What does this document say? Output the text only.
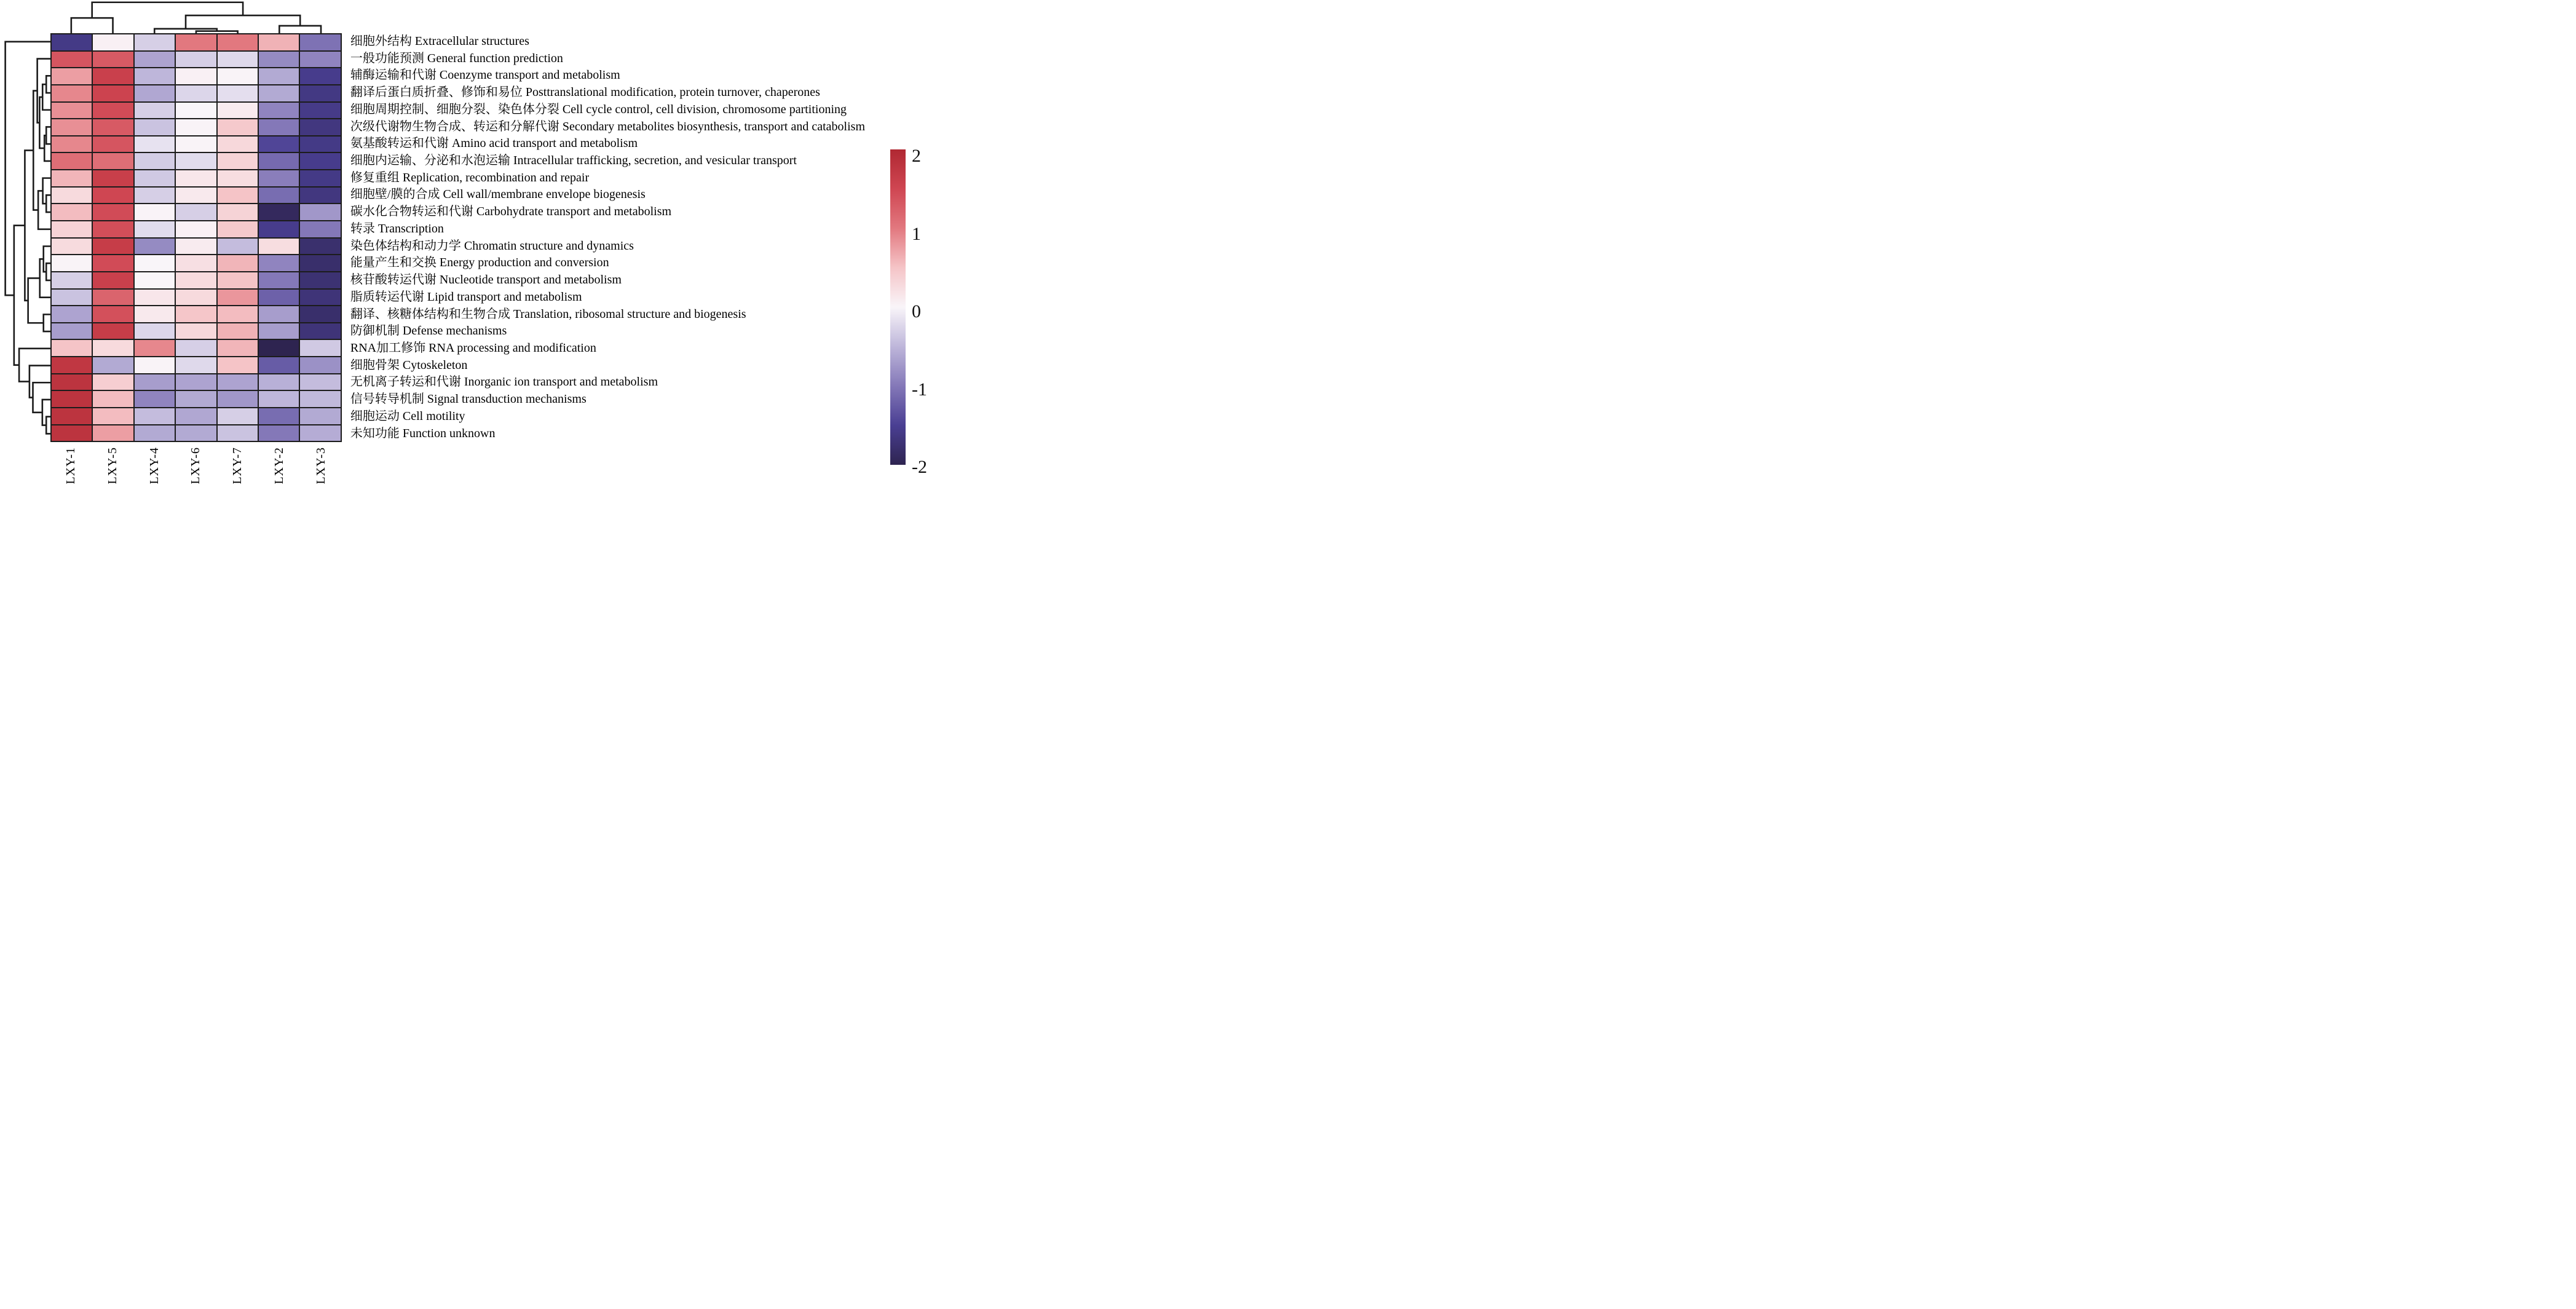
细胞外结构 Extracellular structures
一般功能预测 General function prediction
辅酶运输和代谢 Coenzyme transport and metabolism
翻译后蛋白质折叠、修饰和易位 Posttranslational modification, protein turnover, chaperones
细胞周期控制、细胞分裂、染色体分裂 Cell cycle control, cell division, chromosome partitioning
次级代谢物生物合成、转运和分解代谢 Secondary metabolites biosynthesis, transport and catabolism
氨基酸转运和代谢 Amino acid transport and metabolism
细胞内运输、分泌和水泡运输 Intracellular trafficking, secretion, and vesicular transport
修复重组 Replication, recombination and repair
细胞壁/膜的合成 Cell wall/membrane envelope biogenesis
碳水化合物转运和代谢 Carbohydrate transport and metabolism
转录 Transcription
染色体结构和动力学 Chromatin structure and dynamics
能量产生和交换 Energy production and conversion
核苷酸转运代谢 Nucleotide transport and metabolism
脂质转运代谢 Lipid transport and metabolism
翻译、核糖体结构和生物合成 Translation, ribosomal structure and biogenesis
防御机制 Defense mechanisms
RNA加工修饰 RNA processing and modification
细胞骨架 Cytoskeleton
无机离子转运和代谢 Inorganic ion transport and metabolism
信号转导机制 Signal transduction mechanisms
细胞运动 Cell motility
未知功能 Function unknown
LXY-1 LXY-5 LXY-4 LXY-6 LXY-7 LXY-2 LXY-3
2
1
0
-1
-2
